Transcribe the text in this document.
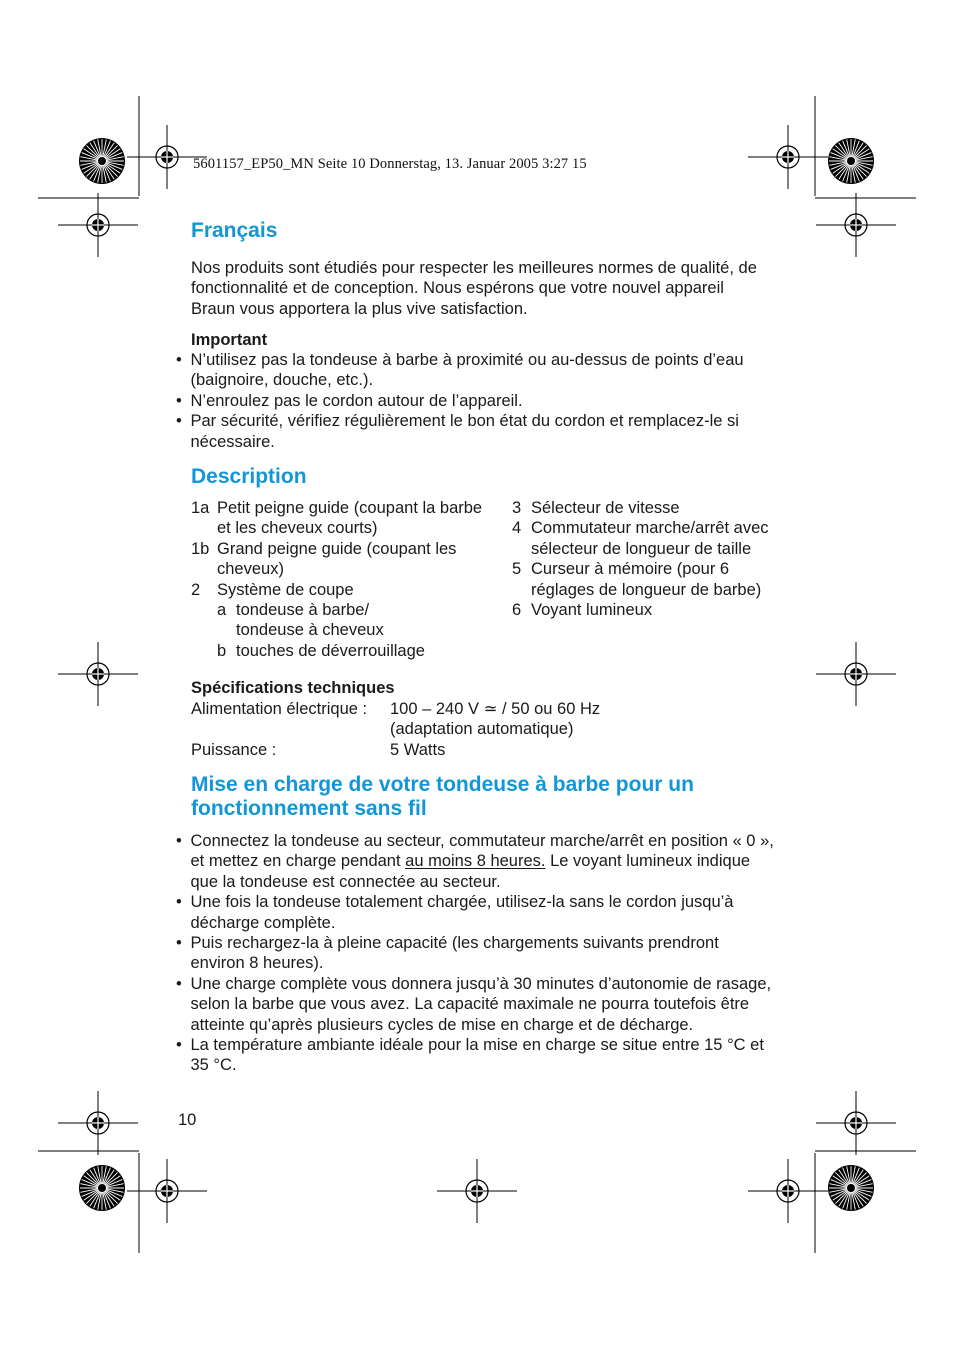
5601157_EP50_MN Seite 10 Donnerstag, 13. Januar 2005 3:27 15
Français

Nos produits sont étudiés pour respecter les meilleures normes de qualité, de fonctionnalité et de conception. Nous espérons que votre nouvel appareil Braun vous apportera la plus vive satisfaction.

Important

• N’utilisez pas la tondeuse à barbe à proximité ou au-dessus de points d’eau (baignoire, douche, etc.).
• N’enroulez pas le cordon autour de l’appareil.
• Par sécurité, vérifiez régulièrement le bon état du cordon et remplacez-le si nécessaire.
Description
1a Petit peigne guide (coupant la barbe et les cheveux courts)
1b Grand peigne guide (coupant les cheveux)
2	Système de coupe
a tondeuse à barbe/ tondeuse à cheveux
b touches de déverrouillage
3 Sélecteur de vitesse
4 Commutateur marche/arrêt avec sélecteur de longueur de taille
5 Curseur à mémoire (pour 6 réglages de longueur de barbe)
6 Voyant lumineux

Spécifications techniques

Alimentation électrique :	100 – 240 V ≃ / 50 ou 60 Hz
(adaptation automatique)
Puissance :	5 Watts
Mise en charge de votre tondeuse à barbe pour un
fonctionnement sans fil
• Connectez la tondeuse au secteur, commutateur marche/arrêt en position « 0 », et mettez en charge pendant au moins 8 heures. Le voyant lumineux indique que la tondeuse est connectée au secteur.
• Une fois la tondeuse totalement chargée, utilisez-la sans le cordon jusqu’à décharge complète.
• Puis rechargez-la à pleine capacité (les chargements suivants prendront environ 8 heures).
• Une charge complète vous donnera jusqu’à 30 minutes d’autonomie de rasage, selon la barbe que vous avez. La capacité maximale ne pourra toutefois être atteinte qu’après plusieurs cycles de mise en charge et de décharge.
• La température ambiante idéale pour la mise en charge se situe entre 15 °C et 35 °C.
10
